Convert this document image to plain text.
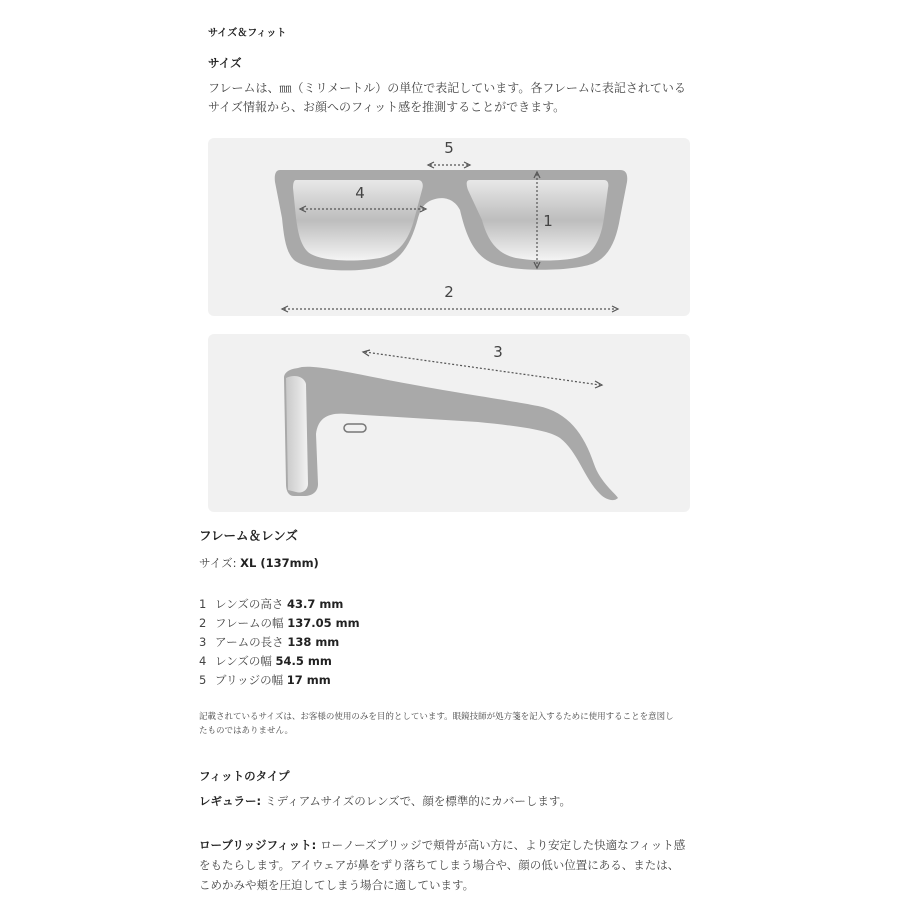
サイズ＆フィット
サイズ
フレームは、㎜（ミリメートル）の単位で表記しています。各フレームに表記されている
サイズ情報から、お顔へのフィット感を推測することができます。
5
4
1
2
3
フレーム＆レンズ
サイズ: XL (137mm)
1 レンズの高さ 43.7 mm
2 フレームの幅 137.05 mm
3 アームの長さ 138 mm
4 レンズの幅 54.5 mm
5 ブリッジの幅 17 mm
記載されているサイズは、お客様の使用のみを目的としています。眼鏡技師が処方箋を記入するために使用することを意図し
たものではありません。
フィットのタイプ
レギュラー: ミディアムサイズのレンズで、顔を標準的にカバーします。
ローブリッジフィット: ローノーズブリッジで頬骨が高い方に、より安定した快適なフィット感
をもたらします。アイウェアが鼻をずり落ちてしまう場合や、顔の低い位置にある、または、
こめかみや頬を圧迫してしまう場合に適しています。
